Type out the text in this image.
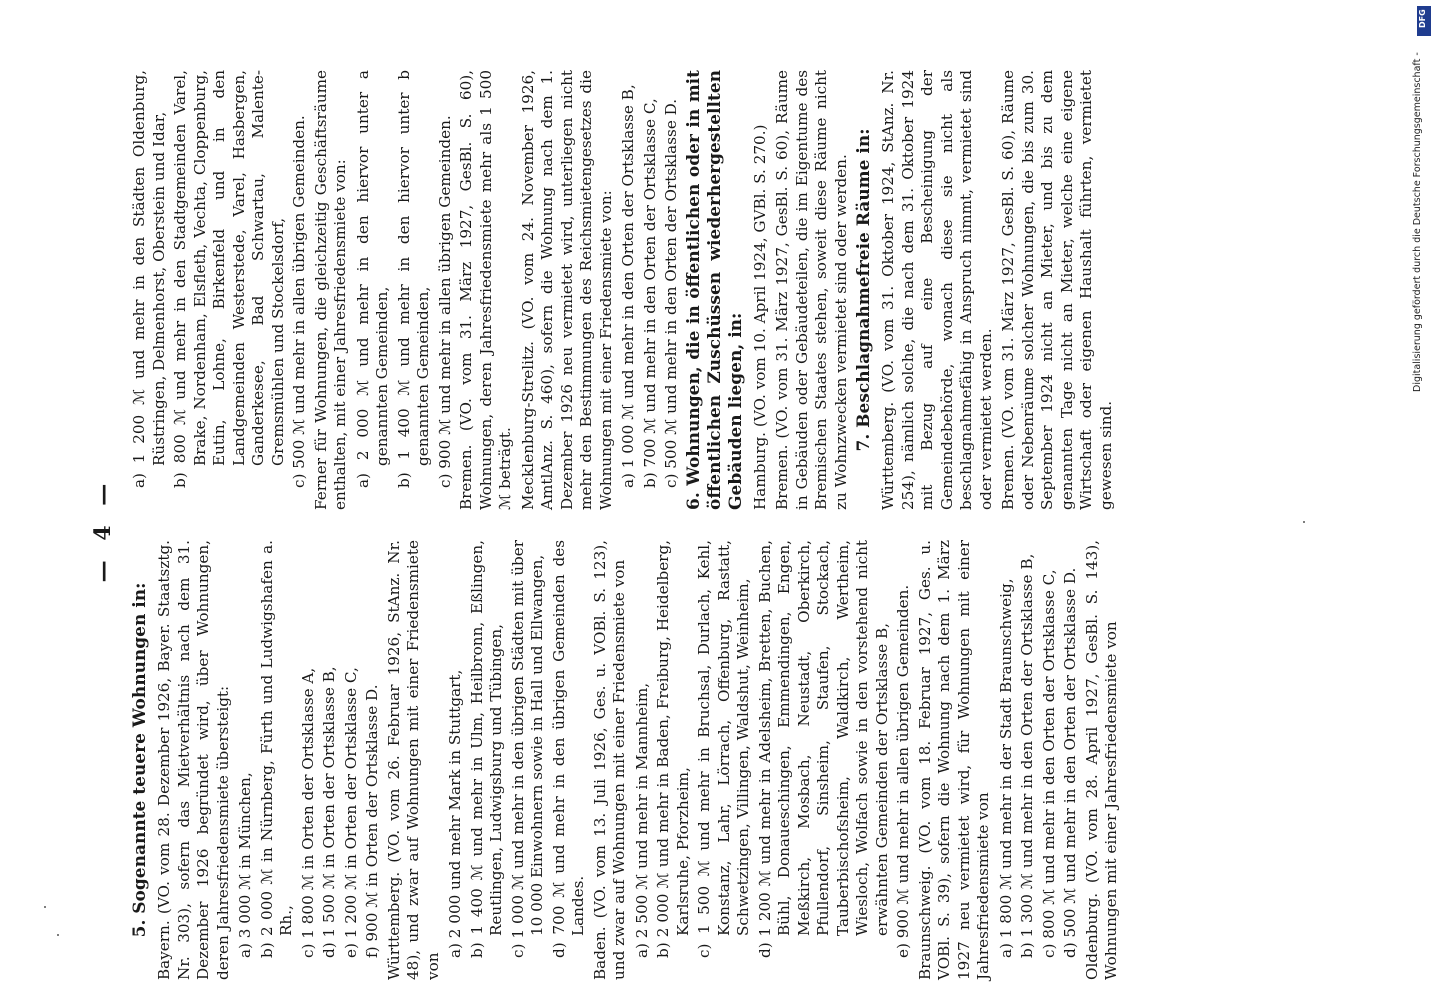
— 4 —
5. Sogenannte teuere Wohnungen in: Bayern. (VO. vom 28. Dezember 1926, Bayer. Staatsztg. Nr. 303), sofern das Mietverhältnis nach dem 31. Dezember 1926 begründet wird, über Wohnungen, deren Jahresfriedensmiete übersteigt: a) 3 000 ℳ in München, b) 2 000 ℳ in Nürnberg, Fürth und Ludwigshafen a. Rh., c) 1 800 ℳ in Orten der Ortsklasse A, d) 1 500 ℳ in Orten der Ortsklasse B, e) 1 200 ℳ in Orten der Ortsklasse C, f) 900 ℳ in Orten der Ortsklasse D. Württemberg. (VO. vom 26. Februar 1926, StAnz. Nr. 48), und zwar auf Wohnungen mit einer Friedensmiete von

a) 2 000 und mehr Mark in Stuttgart, b) 1 400 ℳ und mehr in Ulm, Heilbronn, Eßlingen, Reutlingen, Ludwigsburg und Tübingen, c) 1 000 ℳ und mehr in den übrigen Städten mit über 10 000 Einwohnern sowie in Hall und Ellwangen, d) 700 ℳ und mehr in den übrigen Gemeinden des Landes. Baden. (VO. vom 13. Juli 1926, Ges. u. VOBl. S. 123), und zwar auf Wohnungen mit einer Friedensmiete von a) 2 500 ℳ und mehr in Mannheim, b) 2 000 ℳ und mehr in Baden, Freiburg, Heidelberg, Karlsruhe, Pforzheim, c) 1 500 ℳ und mehr in Bruchsal, Durlach, Kehl, Konstanz, Lahr, Lörrach, Offenburg, Rastatt, Schwetzingen, Villingen, Waldshut, Weinheim, d) 1 200 ℳ und mehr in Adelsheim, Bretten, Buchen, Bühl, Donaueschingen, Emmendingen, Engen, Meßkirch, Mosbach, Neustadt, Oberkirch, Pfullendorf, Sinsheim, Staufen, Stockach, Tauberbischofsheim, Waldkirch, Wertheim, Wiesloch, Wolfach sowie in den vorstehend nicht erwähnten Gemeinden der Ortsklasse B, e) 900 ℳ und mehr in allen übrigen Gemeinden. Braunschweig. (VO. vom 18. Februar 1927, Ges. u. VOBl. S. 39), sofern die Wohnung nach dem 1. März 1927 neu vermietet wird, für Wohnungen mit einer Jahresfriedensmiete von a) 1 800 ℳ und mehr in der Stadt Braunschweig, b) 1 300 ℳ und mehr in den Orten der Ortsklasse B, c) 800 ℳ und mehr in den Orten der Ortsklasse C, d) 500 ℳ und mehr in den Orten der Ortsklasse D. Oldenburg. (VO. vom 28. April 1927, GesBl. S. 143), Wohnungen mit einer Jahresfriedensmiete von

a) 1 200 ℳ und mehr in den Städten Oldenburg, Rüstringen, Delmenhorst, Oberstein und Idar, b) 800 ℳ und mehr in den Stadtgemeinden Varel, Brake, Nordenham, Elsfleth, Vechta, Cloppenburg, Eutin, Lohne, Birkenfeld und in den Landgemeinden Westerstede, Varel, Hasbergen, Ganderkesee, Bad Schwartau, Malente-Gremsmühlen und Stockelsdorf, c) 500 ℳ und mehr in allen übrigen Gemeinden. Ferner für Wohnungen, die gleichzeitig Geschäftsräume enthalten, mit einer Jahresfriedensmiete von: a) 2 000 ℳ und mehr in den hiervor unter a genannten Gemeinden, b) 1 400 ℳ und mehr in den hiervor unter b genannten Gemeinden, c) 900 ℳ und mehr in allen übrigen Gemeinden. Bremen. (VO. vom 31. März 1927, GesBl. S. 60), Wohnungen, deren Jahresfriedensmiete mehr als 1 500 ℳ beträgt. Mecklenburg-Strelitz. (VO. vom 24. November 1926, AmtlAnz. S. 460), sofern die Wohnung nach dem 1. Dezember 1926 neu vermietet wird, unterliegen nicht mehr den Bestimmungen des Reichsmietengesetzes die Wohnungen mit einer Friedensmiete von: a) 1 000 ℳ und mehr in den Orten der Ortsklasse B, b) 700 ℳ und mehr in den Orten der Ortsklasse C, c) 500 ℳ und mehr in den Orten der Ortsklasse D. 6. Wohnungen, die in öffentlichen oder in mit öffentlichen Zuschüssen wiederhergestellten Gebäuden liegen, in: Hamburg. (VO. vom 10. April 1924, GVBl. S. 270.) Bremen. (VO. vom 31. März 1927, GesBl. S. 60), Räume in Gebäuden oder Gebäudeteilen, die im Eigentume des Bremischen Staates stehen, soweit diese Räume nicht zu Wohnzwecken vermietet sind oder werden. 7. Beschlagnahmefreie Räume in: Württemberg. (VO. vom 31. Oktober 1924, StAnz. Nr. 254), nämlich solche, die nach dem 31. Oktober 1924 mit Bezug auf eine Bescheinigung der Gemeindebehörde, wonach diese sie nicht als beschlagnahmefähig in Anspruch nimmt, vermietet sind oder vermietet werden. Bremen. (VO. vom 31. März 1927, GesBl. S. 60), Räume oder Nebenräume solcher Wohnungen, die bis zum 30. September 1924 nicht an Mieter, und bis zu dem genannten Tage nicht an Mieter, welche eine eigene Wirtschaft oder eigenen Haushalt führten, vermietet gewesen sind.

Digitalisierung gefördert durch die Deutsche Forschungsgemeinschaft -
DFG
